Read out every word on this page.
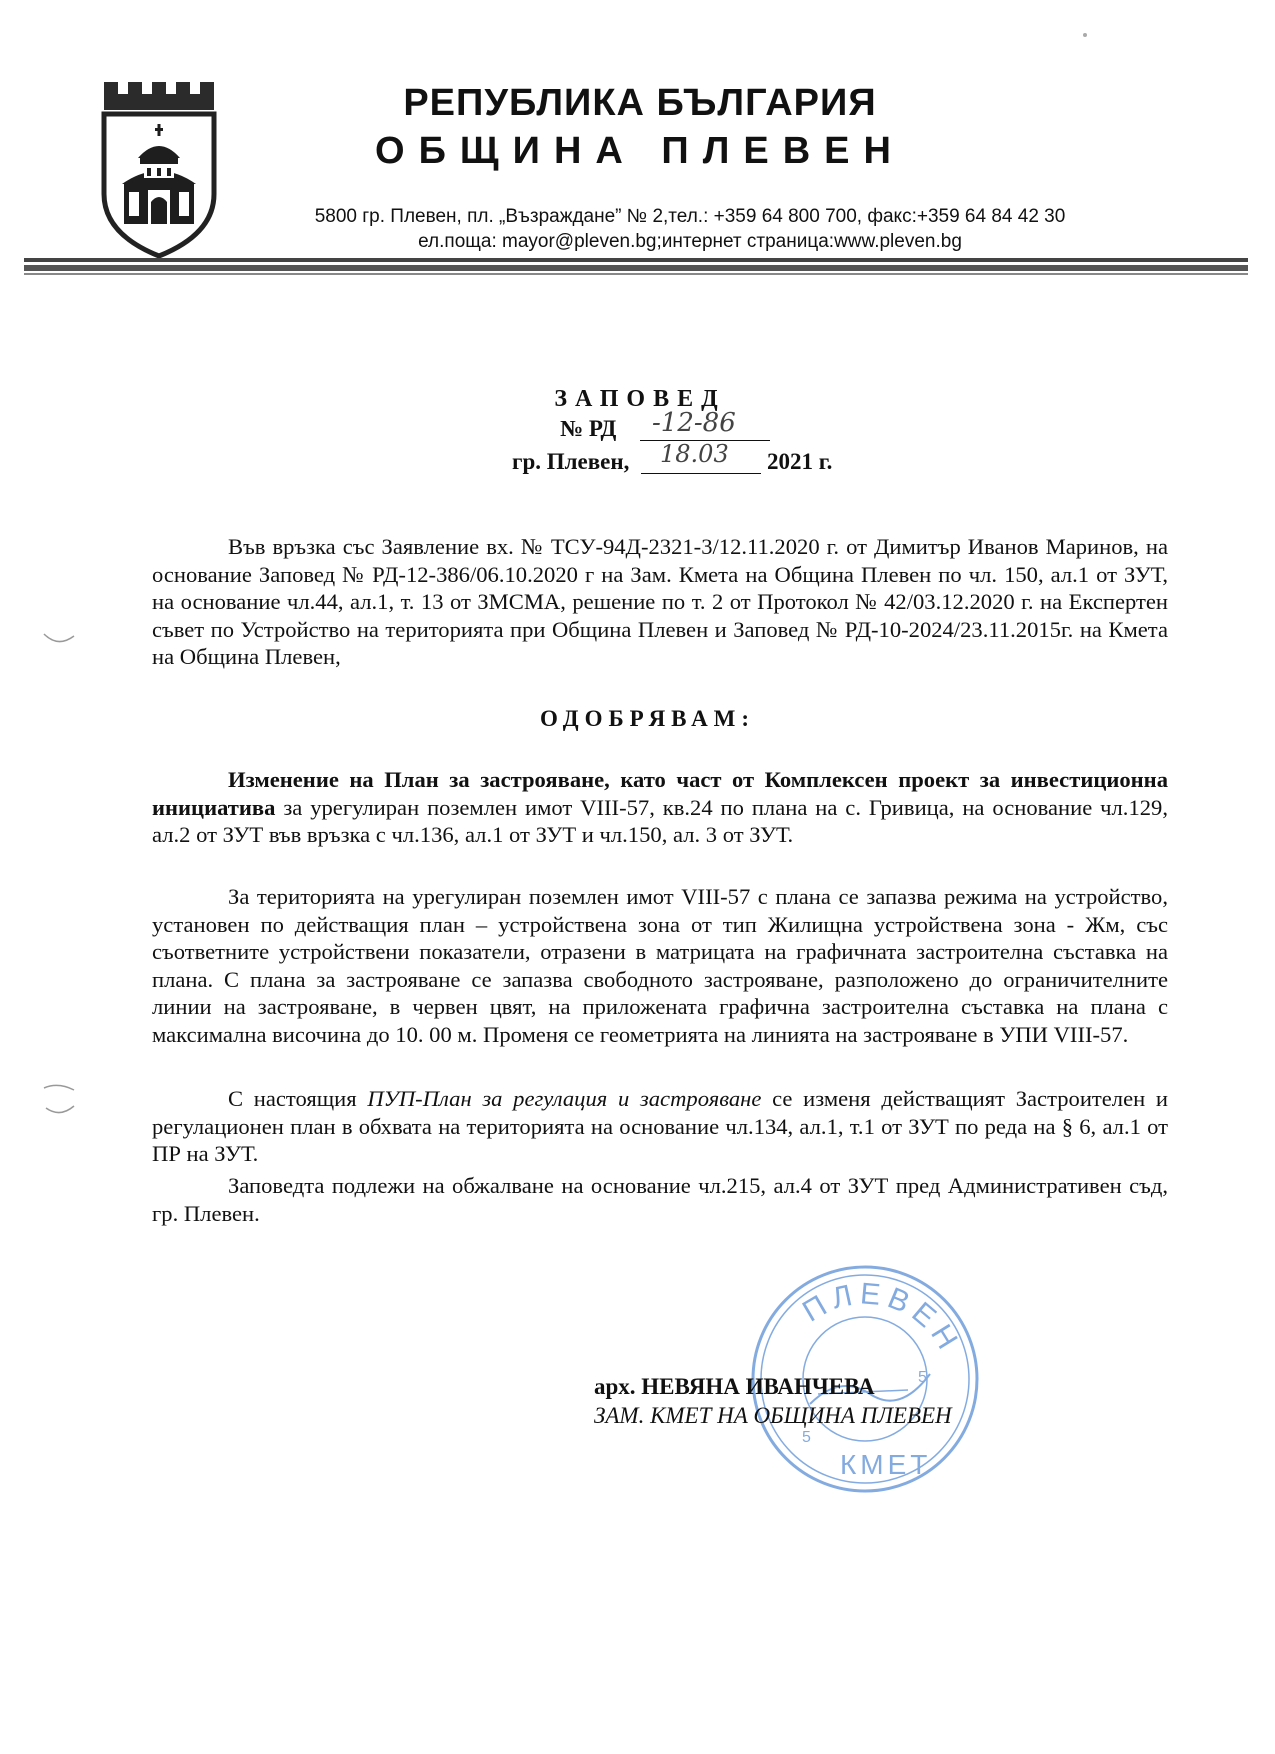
РЕПУБЛИКА БЪЛГАРИЯ
ОБЩИНА ПЛЕВЕН
5800 гр. Плевен, пл. „Възраждане” № 2,тел.: +359 64 800 700, факс:+359 64 84 42 30
ел.поща: mayor@pleven.bg;интернет страница:www.pleven.bg
ЗАПОВЕД
№ РД -12-86
гр. Плевен, 18.03 2021 г.
Във връзка със Заявление вх. № ТСУ-94Д-2321-3/12.11.2020 г. от Димитър Иванов Маринов, на основание Заповед № РД-12-386/06.10.2020 г на Зам. Кмета на Община Плевен по чл. 150, ал.1 от ЗУТ, на основание чл.44, ал.1, т. 13 от ЗМСМА, решение по т. 2 от Протокол № 42/03.12.2020 г. на Експертен съвет по Устройство на територията при Община Плевен и Заповед № РД-10-2024/23.11.2015г. на Кмета на Община Плевен,
ОДОБРЯВАМ:
Изменение на План за застрояване, като част от Комплексен проект за инвестиционна инициатива за урегулиран поземлен имот VIII-57, кв.24 по плана на с. Гривица, на основание чл.129, ал.2 от ЗУТ във връзка с чл.136, ал.1 от ЗУТ и чл.150, ал. 3 от ЗУТ.
За територията на урегулиран поземлен имот VIII-57 с плана се запазва режима на устройство, установен по действащия план – устройствена зона от тип Жилищна устройствена зона - Жм, със съответните устройствени показатели, отразени в матрицата на графичната застроителна съставка на плана. С плана за застрояване се запазва свободното застрояване, разположено до ограничителните линии на застрояване, в червен цвят, на приложената графична застроителна съставка на плана с максимална височина до 10. 00 м. Променя се геометрията на линията на застрояване в УПИ VIII-57.
С настоящия ПУП-План за регулация и застрояване се изменя действащият Застроителен и регулационен план в обхвата на територията на основание чл.134, ал.1, т.1 от ЗУТ по реда на § 6, ал.1 от ПР на ЗУТ.
Заповедта подлежи на обжалване на основание чл.215, ал.4 от ЗУТ пред Административен съд, гр. Плевен.
ПЛЕВЕН
КМЕТ
5
5
арх. НЕВЯНА ИВАНЧЕВА
ЗАМ. КМЕТ НА ОБЩИНА ПЛЕВЕН
